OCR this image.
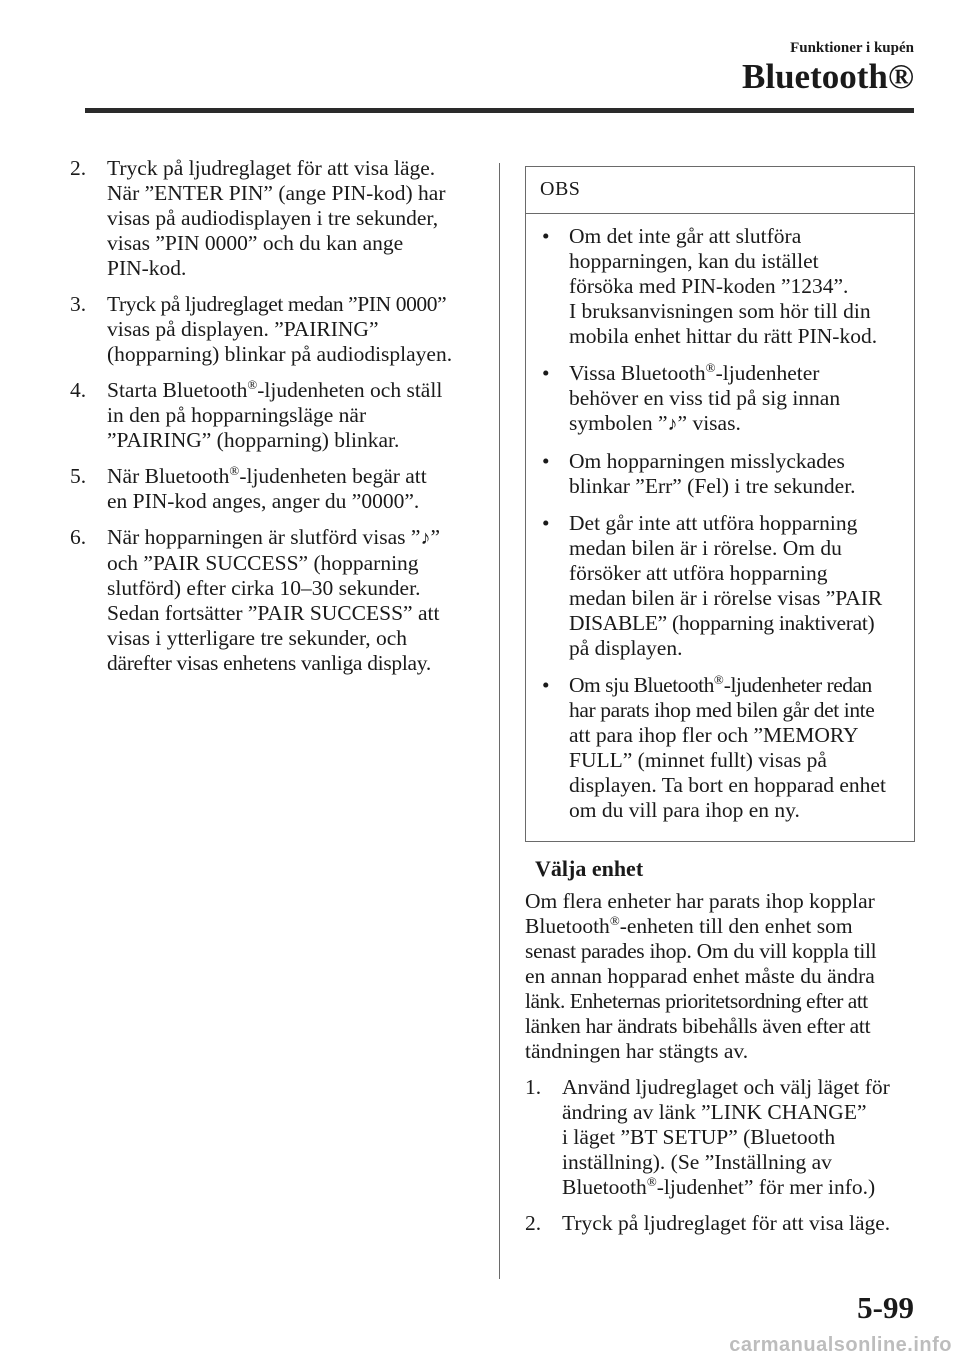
Funktioner i kupén
Bluetooth®
2. Tryck på ljudreglaget för att visa läge.
När ”ENTER PIN” (ange PIN-kod) har
visas på audiodisplayen i tre sekunder,
visas ”PIN 0000” och du kan ange
PIN-kod.
3. Tryck på ljudreglaget medan ”PIN 0000”
visas på displayen. ”PAIRING”
(hopparning) blinkar på audiodisplayen.
4. Starta Bluetooth®-ljudenheten och ställ
in den på hopparningsläge när
”PAIRING” (hopparning) blinkar.
5. När Bluetooth®-ljudenheten begär att
en PIN-kod anges, anger du ”0000”.
6. När hopparningen är slutförd visas ”♪”
och ”PAIR SUCCESS” (hopparning
slutförd) efter cirka 10–30 sekunder.
Sedan fortsätter ”PAIR SUCCESS” att
visas i ytterligare tre sekunder, och
därefter visas enhetens vanliga display.
OBS
• Om det inte går att slutföra
hopparningen, kan du istället
försöka med PIN-koden ”1234”.
I bruksanvisningen som hör till din
mobila enhet hittar du rätt PIN-kod.
• Vissa Bluetooth®-ljudenheter
behöver en viss tid på sig innan
symbolen ”♪” visas.
• Om hopparningen misslyckades
blinkar ”Err” (Fel) i tre sekunder.
• Det går inte att utföra hopparning
medan bilen är i rörelse. Om du
försöker att utföra hopparning
medan bilen är i rörelse visas ”PAIR
DISABLE” (hopparning inaktiverat)
på displayen.
• Om sju Bluetooth®-ljudenheter redan
har parats ihop med bilen går det inte
att para ihop fler och ”MEMORY
FULL” (minnet fullt) visas på
displayen. Ta bort en hopparad enhet
om du vill para ihop en ny.
Välja enhet
Om flera enheter har parats ihop kopplar
Bluetooth®-enheten till den enhet som
senast parades ihop. Om du vill koppla till
en annan hopparad enhet måste du ändra
länk. Enheternas prioritetsordning efter att
länken har ändrats bibehålls även efter att
tändningen har stängts av.
1. Använd ljudreglaget och välj läget för
ändring av länk ”LINK CHANGE”
i läget ”BT SETUP” (Bluetooth
inställning). (Se ”Inställning av
Bluetooth®-ljudenhet” för mer info.)
2. Tryck på ljudreglaget för att visa läge.
5-99
carmanualsonline.info
